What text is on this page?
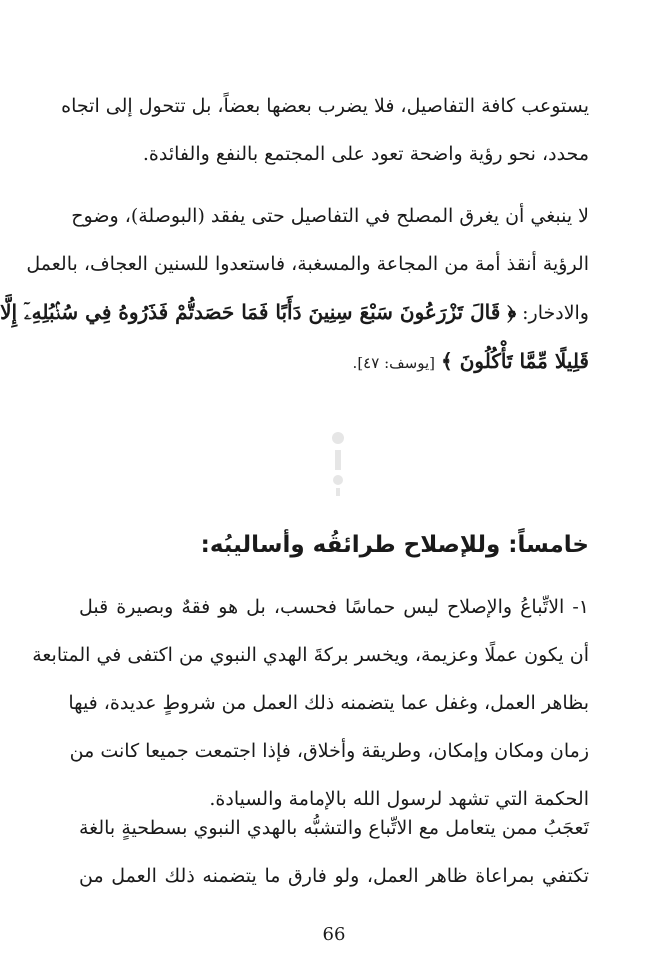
يستوعب كافة التفاصيل، فلا يضرب بعضها بعضاً، بل تتحول إلى اتجاه
محدد، نحو رؤية واضحة تعود على المجتمع بالنفع والفائدة.
لا ينبغي أن يغرق المصلح في التفاصيل حتى يفقد (البوصلة)، وضوح
الرؤية أنقذ أمة من المجاعة والمسغبة، فاستعدوا للسنين العجاف، بالعمل
والادخار: ﴿ قَالَ تَزْرَعُونَ سَبْعَ سِنِينَ دَأَبًا فَمَا حَصَدتُّمْ فَذَرُوهُ فِي سُنۢبُلِهِۦٓ إِلَّا
قَلِيلًا مِّمَّا تَأْكُلُونَ ﴾ [يوسف: ٤٧].
خامساً: وللإصلاح طرائقُه وأساليبُه:
١- الاتِّباعُ والإصلاح ليس حماسًا فحسب، بل هو فقهٌ وبصيرة قبل
أن يكون عملًا وعزيمة، ويخسر بركةَ الهدي النبوي من اكتفى في المتابعة
بظاهر العمل، وغفل عما يتضمنه ذلك العمل من شروطٍ عديدة، فيها
زمان ومكان وإمكان، وطريقة وأخلاق، فإذا اجتمعت جميعا كانت من
الحكمة التي تشهد لرسول الله بالإمامة والسيادة.
تَعجَبُ ممن يتعامل مع الاتِّباع والتشبُّه بالهدي النبوي بسطحيةٍ بالغة
تكتفي بمراعاة ظاهر العمل، ولو فارق ما يتضمنه ذلك العمل من
66
